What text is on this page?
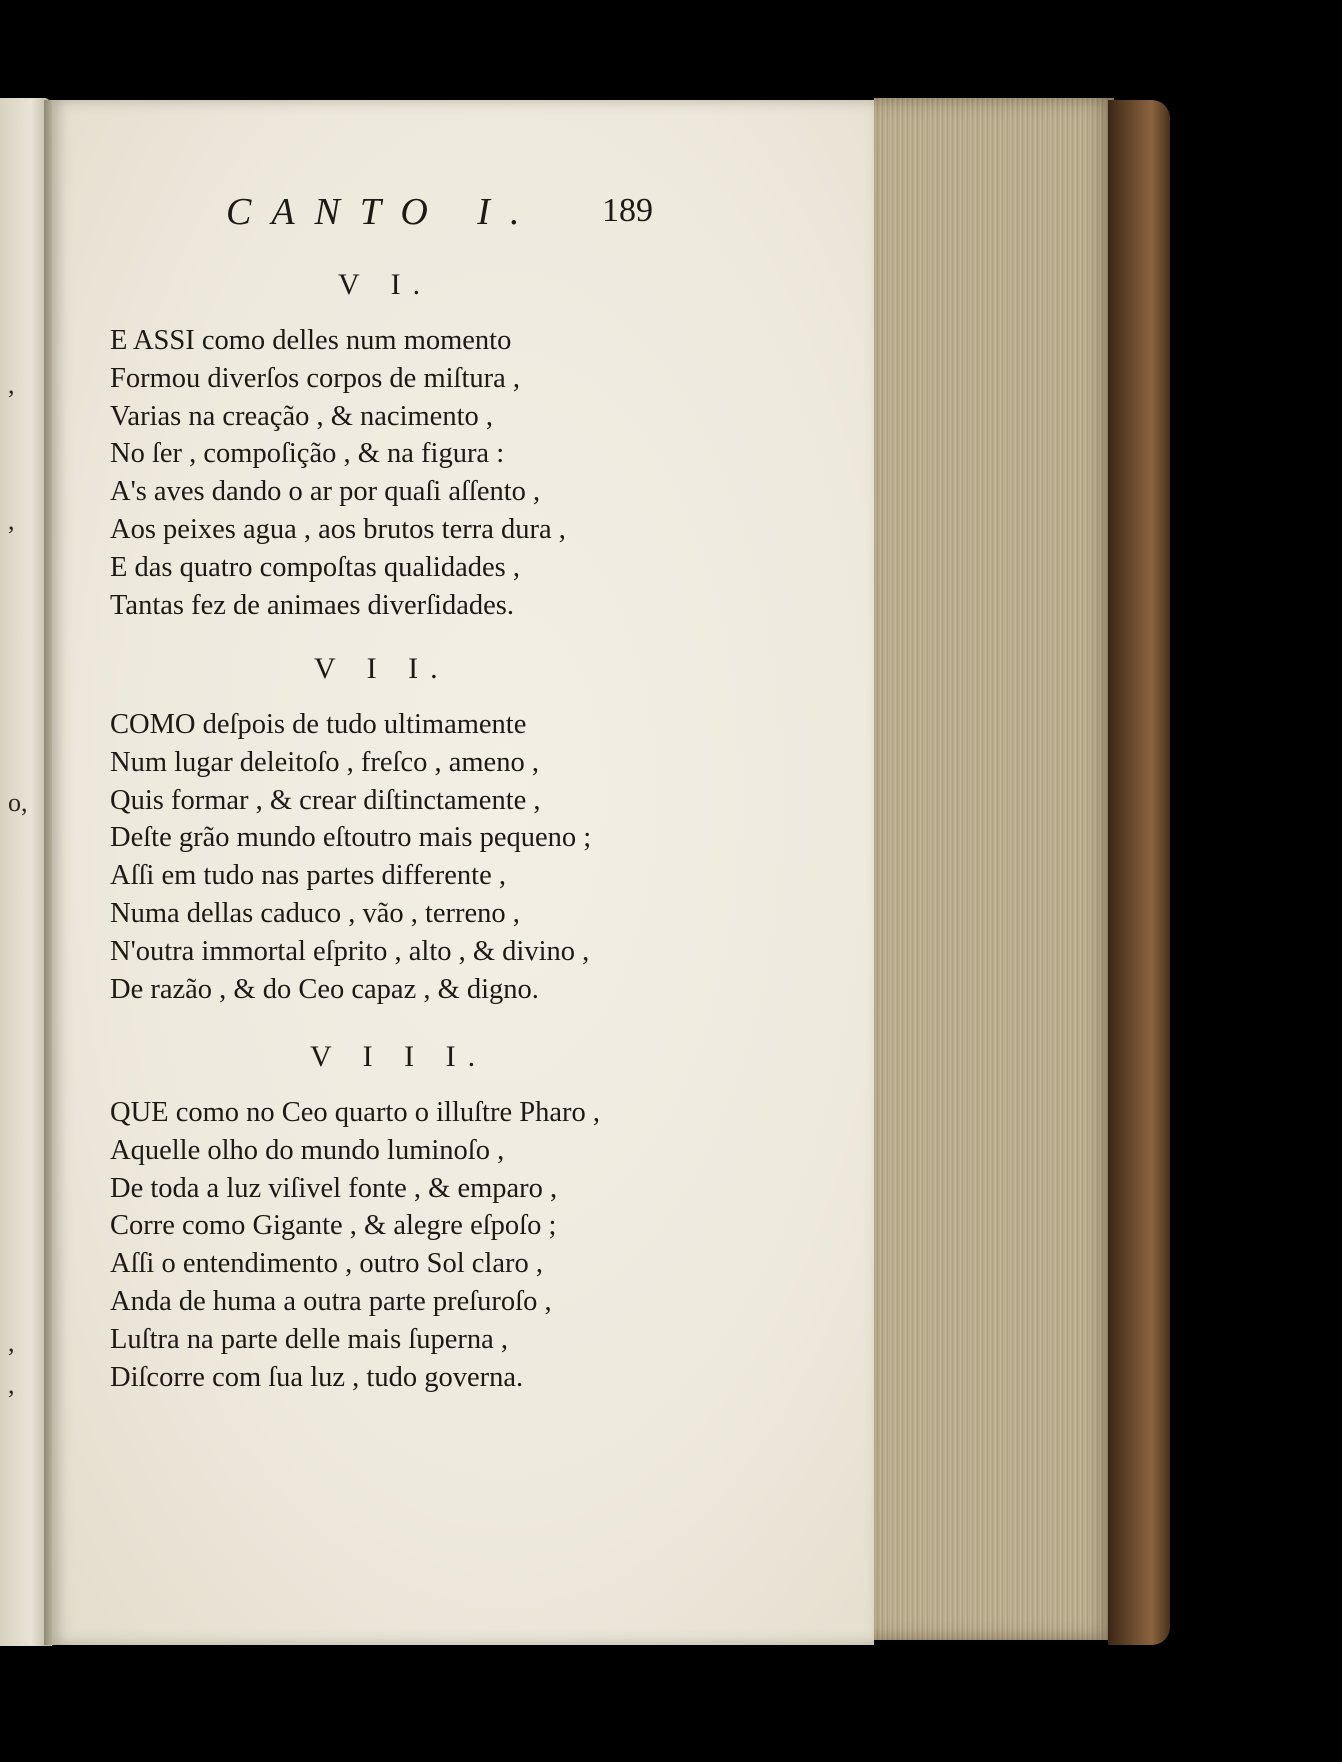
,
,
o,
,
,
CANTO I. 189
V I.
E ASSI como delles num momento
Formou diverſos corpos de miſtura ,
Varias na creação , & nacimento ,
No ſer , compoſição , & na figura :
A's aves dando o ar por quaſi aſſento ,
Aos peixes agua , aos brutos terra dura ,
E das quatro compoſtas qualidades ,
Tantas fez de animaes diverſidades.
V I I.
COMO deſpois de tudo ultimamente
Num lugar deleitoſo , freſco , ameno ,
Quis formar , & crear diſtinctamente ,
Deſte grão mundo eſtoutro mais pequeno ;
Aſſi em tudo nas partes differente ,
Numa dellas caduco , vão , terreno ,
N'outra immortal eſprito , alto , & divino ,
De razão , & do Ceo capaz , & digno.
V I I I.
QUE como no Ceo quarto o illuſtre Pharo ,
Aquelle olho do mundo luminoſo ,
De toda a luz viſivel fonte , & emparo ,
Corre como Gigante , & alegre eſpoſo ;
Aſſi o entendimento , outro Sol claro ,
Anda de huma a outra parte preſuroſo ,
Luſtra na parte delle mais ſuperna ,
Diſcorre com ſua luz , tudo governa.
